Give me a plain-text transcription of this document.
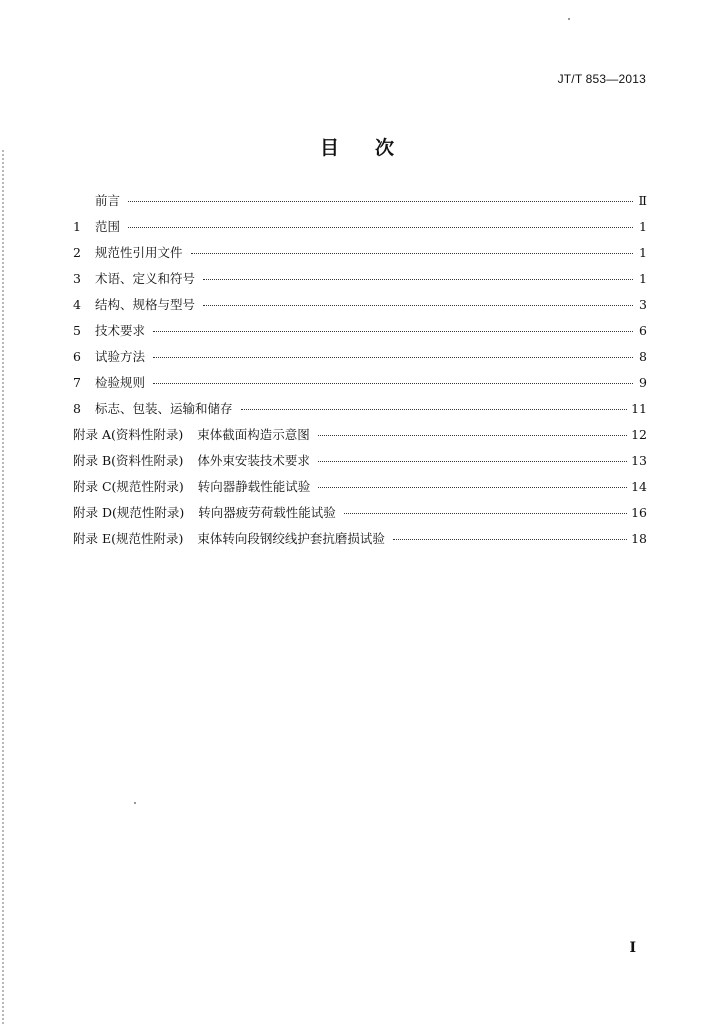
JT/T 853—2013
目次
前言	Ⅱ
1	范围	1
2	规范性引用文件	1
3	术语、定义和符号	1
4	结构、规格与型号	3
5	技术要求	6
6	试验方法	8
7	检验规则	9
8	标志、包装、运输和储存	11
附录 A(资料性附录) 束体截面构造示意图	12
附录 B(资料性附录) 体外束安装技术要求	13
附录 C(规范性附录) 转向器静载性能试验	14
附录 D(规范性附录) 转向器疲劳荷载性能试验	16
附录 E(规范性附录) 束体转向段钢绞线护套抗磨损试验	18
I
